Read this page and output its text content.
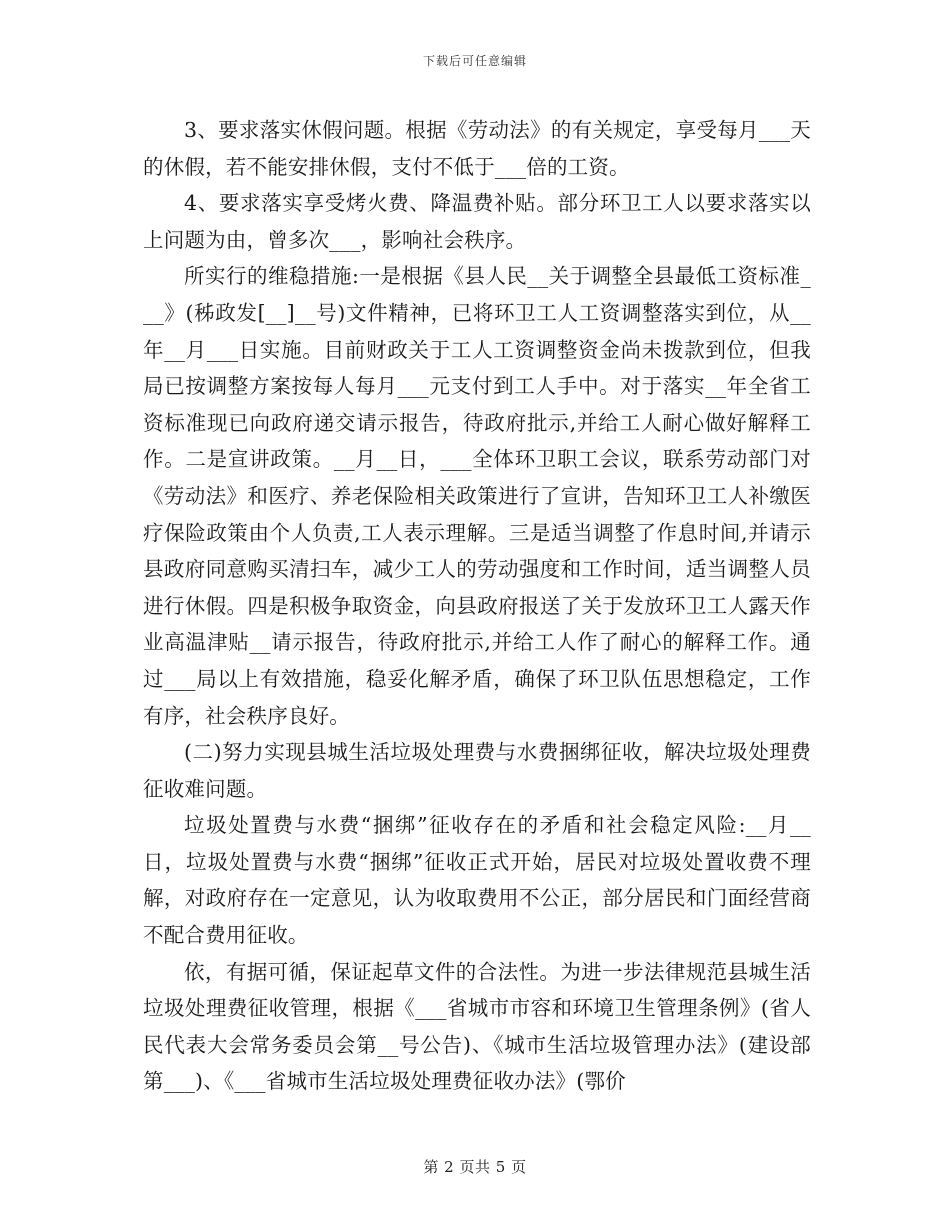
下载后可任意编辑

3、要求落实休假问题。根据《劳动法》的有关规定，享受每月___天的休假，若不能安排休假，支付不低于___倍的工资。

4、要求落实享受烤火费、降温费补贴。部分环卫工人以要求落实以上问题为由，曾多次___，影响社会秩序。

所实行的维稳措施:一是根据《县人民__关于调整全县最低工资标准___》(秭政发[__]__号)文件精神，已将环卫工人工资调整落实到位，从__年__月___日实施。目前财政关于工人工资调整资金尚未拨款到位，但我局已按调整方案按每人每月___元支付到工人手中。对于落实__年全省工资标准现已向政府递交请示报告，待政府批示,并给工人耐心做好解释工作。二是宣讲政策。__月__日，___全体环卫职工会议，联系劳动部门对《劳动法》和医疗、养老保险相关政策进行了宣讲，告知环卫工人补缴医疗保险政策由个人负责,工人表示理解。三是适当调整了作息时间,并请示县政府同意购买清扫车，减少工人的劳动强度和工作时间，适当调整人员进行休假。四是积极争取资金，向县政府报送了关于发放环卫工人露天作业高温津贴__请示报告，待政府批示,并给工人作了耐心的解释工作。通过___局以上有效措施，稳妥化解矛盾，确保了环卫队伍思想稳定，工作有序，社会秩序良好。

(二)努力实现县城生活垃圾处理费与水费捆绑征收，解决垃圾处理费征收难问题。

垃圾处置费与水费“捆绑”征收存在的矛盾和社会稳定风险:__月__日，垃圾处置费与水费“捆绑”征收正式开始，居民对垃圾处置收费不理解，对政府存在一定意见，认为收取费用不公正，部分居民和门面经营商不配合费用征收。

依，有据可循，保证起草文件的合法性。为进一步法律规范县城生活垃圾处理费征收管理，根据《___省城市市容和环境卫生管理条例》(省人民代表大会常务委员会第__号公告)、《城市生活垃圾管理办法》(建设部第___)、《___省城市生活垃圾处理费征收办法》(鄂价

第 2 页共 5 页
